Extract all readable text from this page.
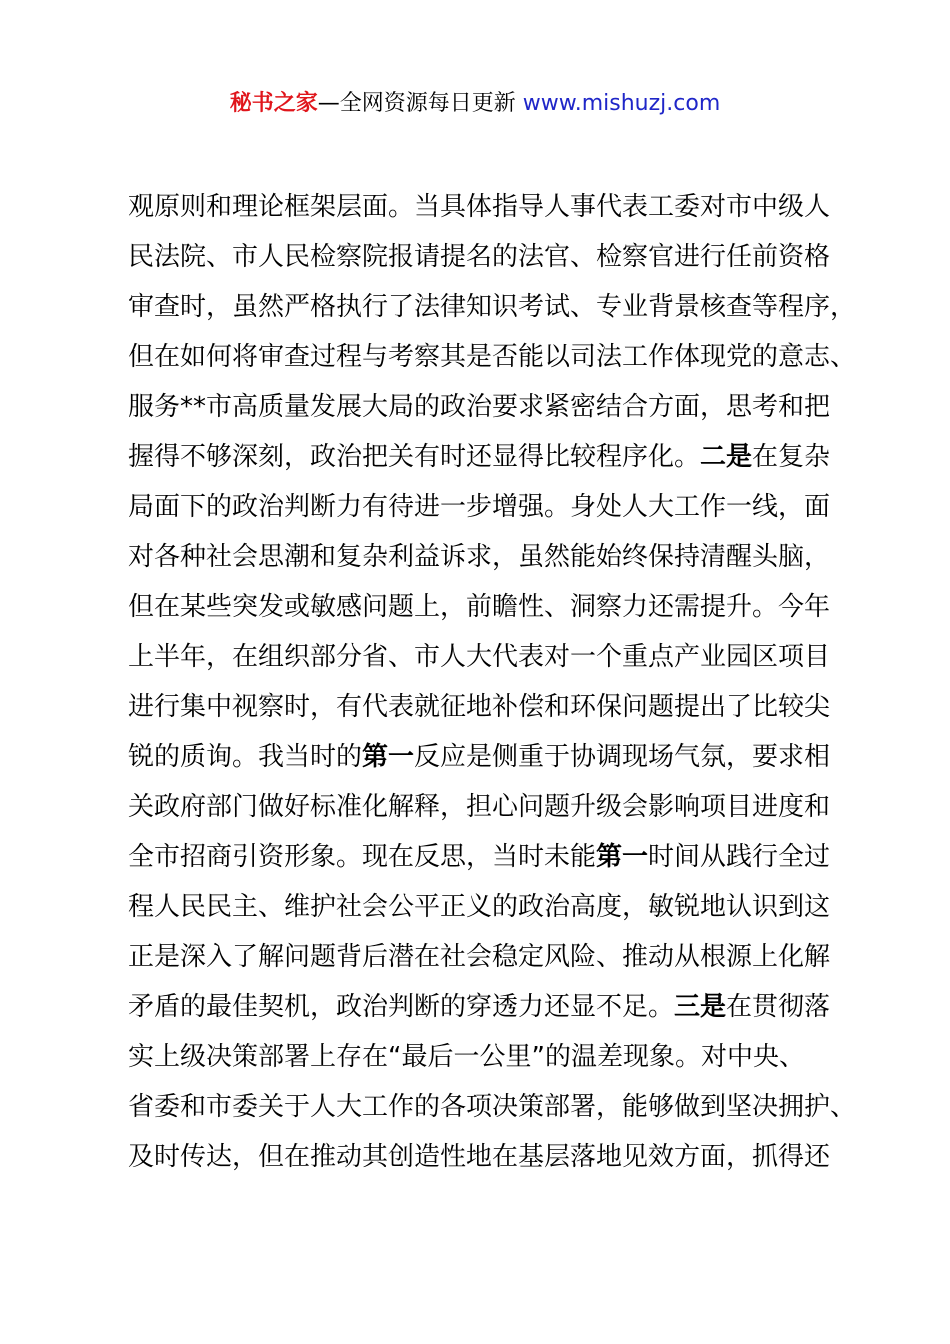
秘书之家—全网资源每日更新 www.mishuzj.com
观原则和理论框架层面。当具体指导人事代表工委对市中级人
民法院、市人民检察院报请提名的法官、检察官进行任前资格
审查时，虽然严格执行了法律知识考试、专业背景核查等程序，
但在如何将审查过程与考察其是否能以司法工作体现党的意志、
服务**市高质量发展大局的政治要求紧密结合方面，思考和把
握得不够深刻，政治把关有时还显得比较程序化。二是在复杂
局面下的政治判断力有待进一步增强。身处人大工作一线，面
对各种社会思潮和复杂利益诉求，虽然能始终保持清醒头脑，
但在某些突发或敏感问题上，前瞻性、洞察力还需提升。今年
上半年，在组织部分省、市人大代表对一个重点产业园区项目
进行集中视察时，有代表就征地补偿和环保问题提出了比较尖
锐的质询。我当时的第一反应是侧重于协调现场气氛，要求相
关政府部门做好标准化解释，担心问题升级会影响项目进度和
全市招商引资形象。现在反思，当时未能第一时间从践行全过
程人民民主、维护社会公平正义的政治高度，敏锐地认识到这
正是深入了解问题背后潜在社会稳定风险、推动从根源上化解
矛盾的最佳契机，政治判断的穿透力还显不足。三是在贯彻落
实上级决策部署上存在“最后一公里”的温差现象。对中央、
省委和市委关于人大工作的各项决策部署，能够做到坚决拥护、
及时传达，但在推动其创造性地在基层落地见效方面，抓得还
